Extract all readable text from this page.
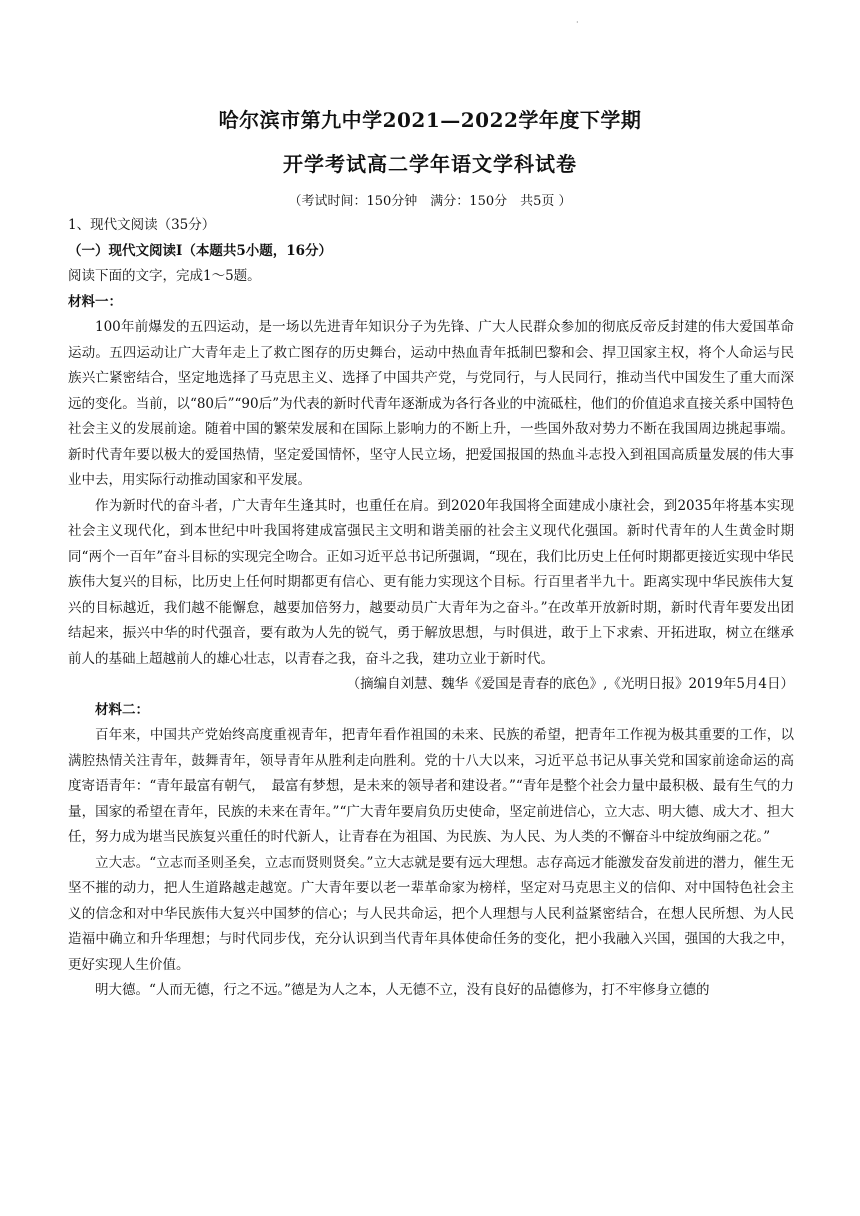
·
哈尔滨市第九中学2021—2022学年度下学期
开学考试高二学年语文学科试卷
（考试时间：150分钟　满分：150分　共5页 ）

1、现代文阅读（35分）

（一）现代文阅读Ⅰ（本题共5小题，16分）

阅读下面的文字，完成1～5题。

材料一：

100年前爆发的五四运动，是一场以先进青年知识分子为先锋、广大人民群众参加的彻底反帝反封建的伟大爱国革命运动。五四运动让广大青年走上了救亡图存的历史舞台，运动中热血青年抵制巴黎和会、捍卫国家主权，将个人命运与民族兴亡紧密结合，坚定地选择了马克思主义、选择了中国共产党，与党同行，与人民同行，推动当代中国发生了重大而深远的变化。当前，以“80后”“90后”为代表的新时代青年逐渐成为各行各业的中流砥柱，他们的价值追求直接关系中国特色社会主义的发展前途。随着中国的繁荣发展和在国际上影响力的不断上升，一些国外敌对势力不断在我国周边挑起事端。新时代青年要以极大的爱国热情，坚定爱国情怀，坚守人民立场，把爱国报国的热血斗志投入到祖国高质量发展的伟大事业中去，用实际行动推动国家和平发展。

作为新时代的奋斗者，广大青年生逢其时，也重任在肩。到2020年我国将全面建成小康社会，到2035年将基本实现社会主义现代化，到本世纪中叶我国将建成富强民主文明和谐美丽的社会主义现代化强国。新时代青年的人生黄金时期同“两个一百年”奋斗目标的实现完全吻合。正如习近平总书记所强调，“现在，我们比历史上任何时期都更接近实现中华民族伟大复兴的目标，比历史上任何时期都更有信心、更有能力实现这个目标。行百里者半九十。距离实现中华民族伟大复兴的目标越近，我们越不能懈怠，越要加倍努力，越要动员广大青年为之奋斗。”在改革开放新时期，新时代青年要发出团结起来，振兴中华的时代强音，要有敢为人先的锐气，勇于解放思想，与时俱进，敢于上下求索、开拓进取，树立在继承前人的基础上超越前人的雄心壮志，以青春之我，奋斗之我，建功立业于新时代。

（摘编自刘慧、魏华《爱国是青春的底色》,《光明日报》2019年5月4日）

材料二：

百年来，中国共产党始终高度重视青年，把青年看作祖国的未来、民族的希望，把青年工作视为极其重要的工作，以满腔热情关注青年，鼓舞青年，领导青年从胜利走向胜利。党的十八大以来，习近平总书记从事关党和国家前途命运的高度寄语青年：“青年最富有朝气，　最富有梦想，是未来的领导者和建设者。”“青年是整个社会力量中最积极、最有生气的力量，国家的希望在青年，民族的未来在青年。”“广大青年要肩负历史使命，坚定前进信心，立大志、明大德、成大才、担大任，努力成为堪当民族复兴重任的时代新人，让青春在为祖国、为民族、为人民、为人类的不懈奋斗中绽放绚丽之花。”

立大志。“立志而圣则圣矣，立志而贤则贤矣。”立大志就是要有远大理想。志存高远才能激发奋发前进的潜力，催生无坚不摧的动力，把人生道路越走越宽。广大青年要以老一辈革命家为榜样，坚定对马克思主义的信仰、对中国特色社会主义的信念和对中华民族伟大复兴中国梦的信心；与人民共命运，把个人理想与人民利益紧密结合，在想人民所想、为人民造福中确立和升华理想；与时代同步伐，充分认识到当代青年具体使命任务的变化，把小我融入兴国，强国的大我之中，更好实现人生价值。

明大德。“人而无德，行之不远。”德是为人之本，人无德不立，没有良好的品德修为，打不牢修身立德的
